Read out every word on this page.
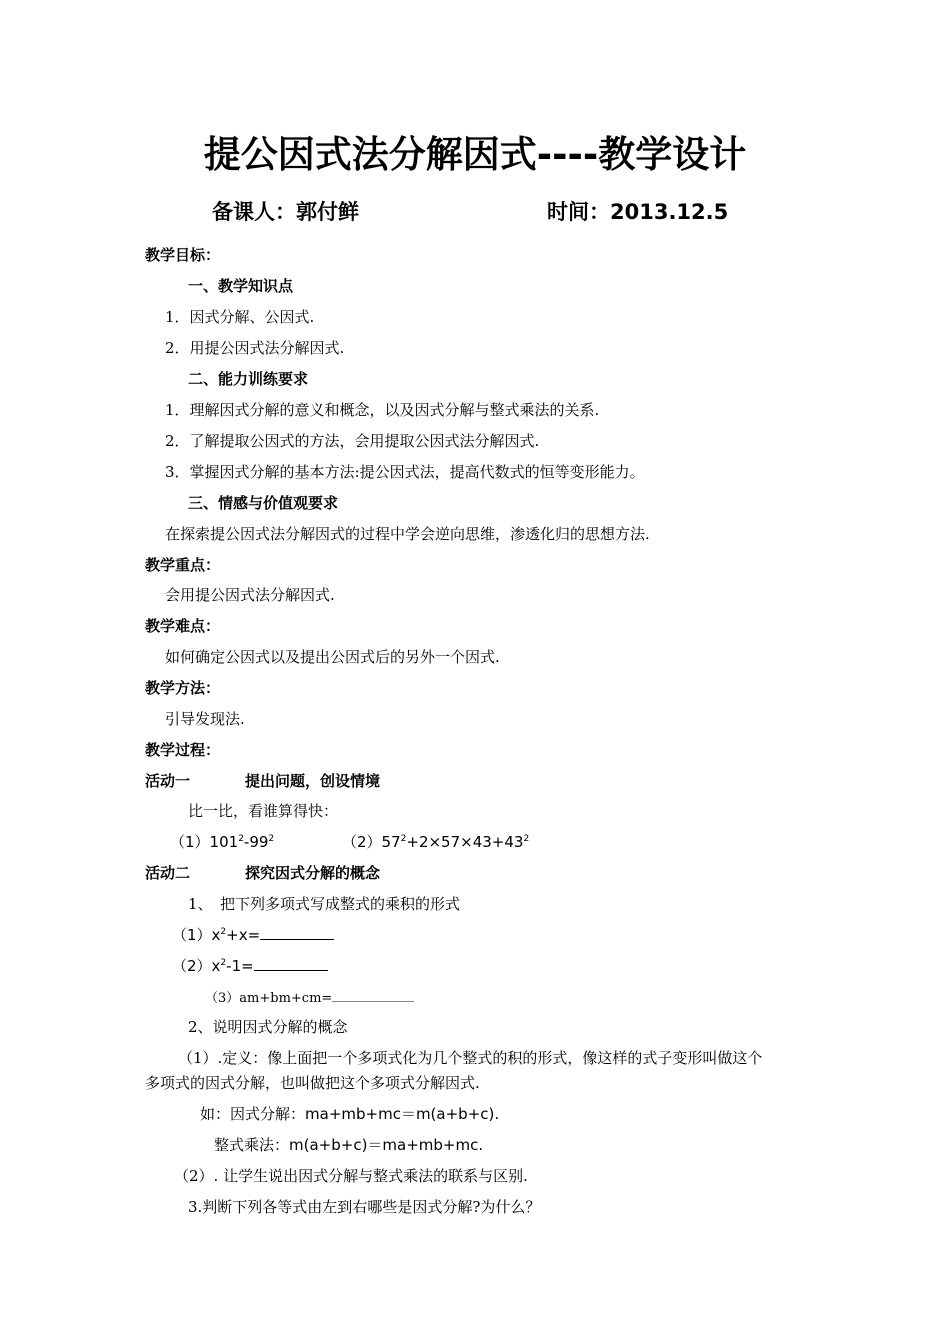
提公因式法分解因式----教学设计
备课人：郭付鲜	时间：2013.12.5
教学目标：
一、教学知识点
1．因式分解、公因式.
2．用提公因式法分解因式.
二、能力训练要求
1．理解因式分解的意义和概念，以及因式分解与整式乘法的关系.
2．了解提取公因式的方法，会用提取公因式法分解因式.
3．掌握因式分解的基本方法:提公因式法，提高代数式的恒等变形能力。
三、情感与价值观要求
在探索提公因式法分解因式的过程中学会逆向思维，渗透化归的思想方法.
教学重点：
会用提公因式法分解因式.
教学难点：
如何确定公因式以及提出公因式后的另外一个因式.
教学方法：
引导发现法.
教学过程：
活动一	提出问题，创设情境
比一比，看谁算得快：
$(1)101^2-99^2$	$(2)57^2+2\times 57\times 43+43^2$
活动二	探究因式分解的概念
1、　把下列多项式写成整式的乘积的形式
$(1)x^2+x=$
$(2)x^2-1=$
（3）am+bm+cm=
2、说明因式分解的概念
（1）.定义：像上面把一个多项式化为几个整式的积的形式，像这样的式子变形叫做这个
多项式的因式分解，也叫做把这个多项式分解因式.
如：因式分解：ma+mb+mc＝m(a+b+c).
整式乘法：m(a+b+c)＝ma+mb+mc.
（2）. 让学生说出因式分解与整式乘法的联系与区别.
3.判断下列各等式由左到右哪些是因式分解?为什么？
